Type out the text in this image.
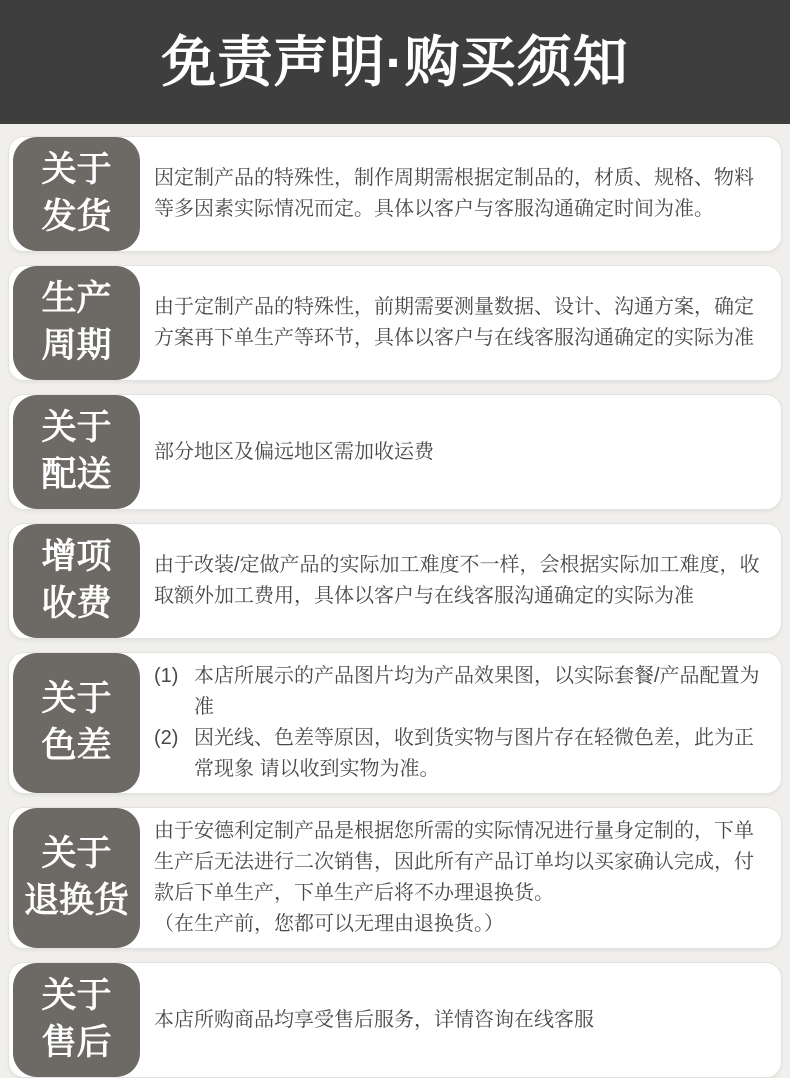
免责声明·购买须知
关于
发货

因定制产品的特殊性，制作周期需根据定制品的，材质、规格、物料等多因素实际情况而定。具体以客户与客服沟通确定时间为准。

生产
周期

由于定制产品的特殊性，前期需要测量数据、设计、沟通方案，确定方案再下单生产等环节，具体以客户与在线客服沟通确定的实际为准

关于
配送

部分地区及偏远地区需加收运费

增项
收费

由于改装/定做产品的实际加工难度不一样，会根据实际加工难度，收取额外加工费用，具体以客户与在线客服沟通确定的实际为准

关于
色差
(1) 本店所展示的产品图片均为产品效果图，以实际套餐/产品配置为准
(2) 因光线、色差等原因，收到货实物与图片存在轻微色差，此为正常现象 请以收到实物为准。
关于
退换货

由于安德利定制产品是根据您所需的实际情况进行量身定制的，下单生产后无法进行二次销售，因此所有产品订单均以买家确认完成，付款后下单生产，下单生产后将不办理退换货。

（在生产前，您都可以无理由退换货。）

关于
售后

本店所购商品均享受售后服务，详情咨询在线客服
